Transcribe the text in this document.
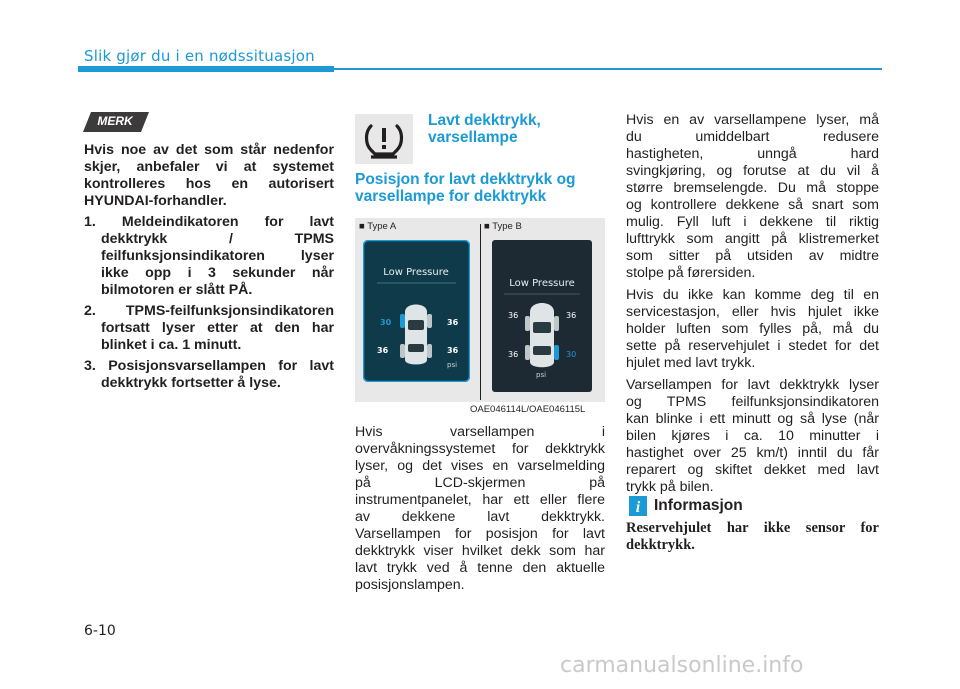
Slik gjør du i en nødssituasjon
MERK
Hvis noe av det som står nedenfor
skjer, anbefaler vi at systemet
kontrolleres hos en autorisert
HYUNDAI-forhandler.
1. Meldeindikatoren for lavt
dekktrykk / TPMS
feilfunksjonsindikatoren lyser
ikke opp i 3 sekunder når
bilmotoren er slått PÅ.
2. TPMS-feilfunksjonsindikatoren
fortsatt lyser etter at den har
blinket i ca. 1 minutt.
3. Posisjonsvarsellampen for lavt
dekktrykk fortsetter å lyse.
Lavt dekktrykk,
varsellampe
Posisjon for lavt dekktrykk og
varsellampe for dekktrykk
■ Type A	■ Type B
Low Pressure
30	36
36	36
psi
Low Pressure
36	36
36	30
psi
OAE046114L/OAE046115L
Hvis varsellampen i
overvåkningssystemet for dekktrykk
lyser, og det vises en varselmelding
på LCD-skjermen på
instrumentpanelet, har ett eller flere
av dekkene lavt dekktrykk.
Varsellampen for posisjon for lavt
dekktrykk viser hvilket dekk som har
lavt trykk ved å tenne den aktuelle
posisjonslampen.
Hvis en av varsellampene lyser, må
du umiddelbart redusere
hastigheten, unngå hard
svingkjøring, og forutse at du vil å
større bremselengde. Du må stoppe
og kontrollere dekkene så snart som
mulig. Fyll luft i dekkene til riktig
lufttrykk som angitt på klistremerket
som sitter på utsiden av midtre
stolpe på førersiden.
Hvis du ikke kan komme deg til en
servicestasjon, eller hvis hjulet ikke
holder luften som fylles på, må du
sette på reservehjulet i stedet for det
hjulet med lavt trykk.
Varsellampen for lavt dekktrykk lyser
og TPMS feilfunksjonsindikatoren
kan blinke i ett minutt og så lyse (når
bilen kjøres i ca. 10 minutter i
hastighet over 25 km/t) inntil du får
reparert og skiftet dekket med lavt
trykk på bilen.
i Informasjon
Reservehjulet har ikke sensor for
dekktrykk.
6-10
carmanualsonline.info
